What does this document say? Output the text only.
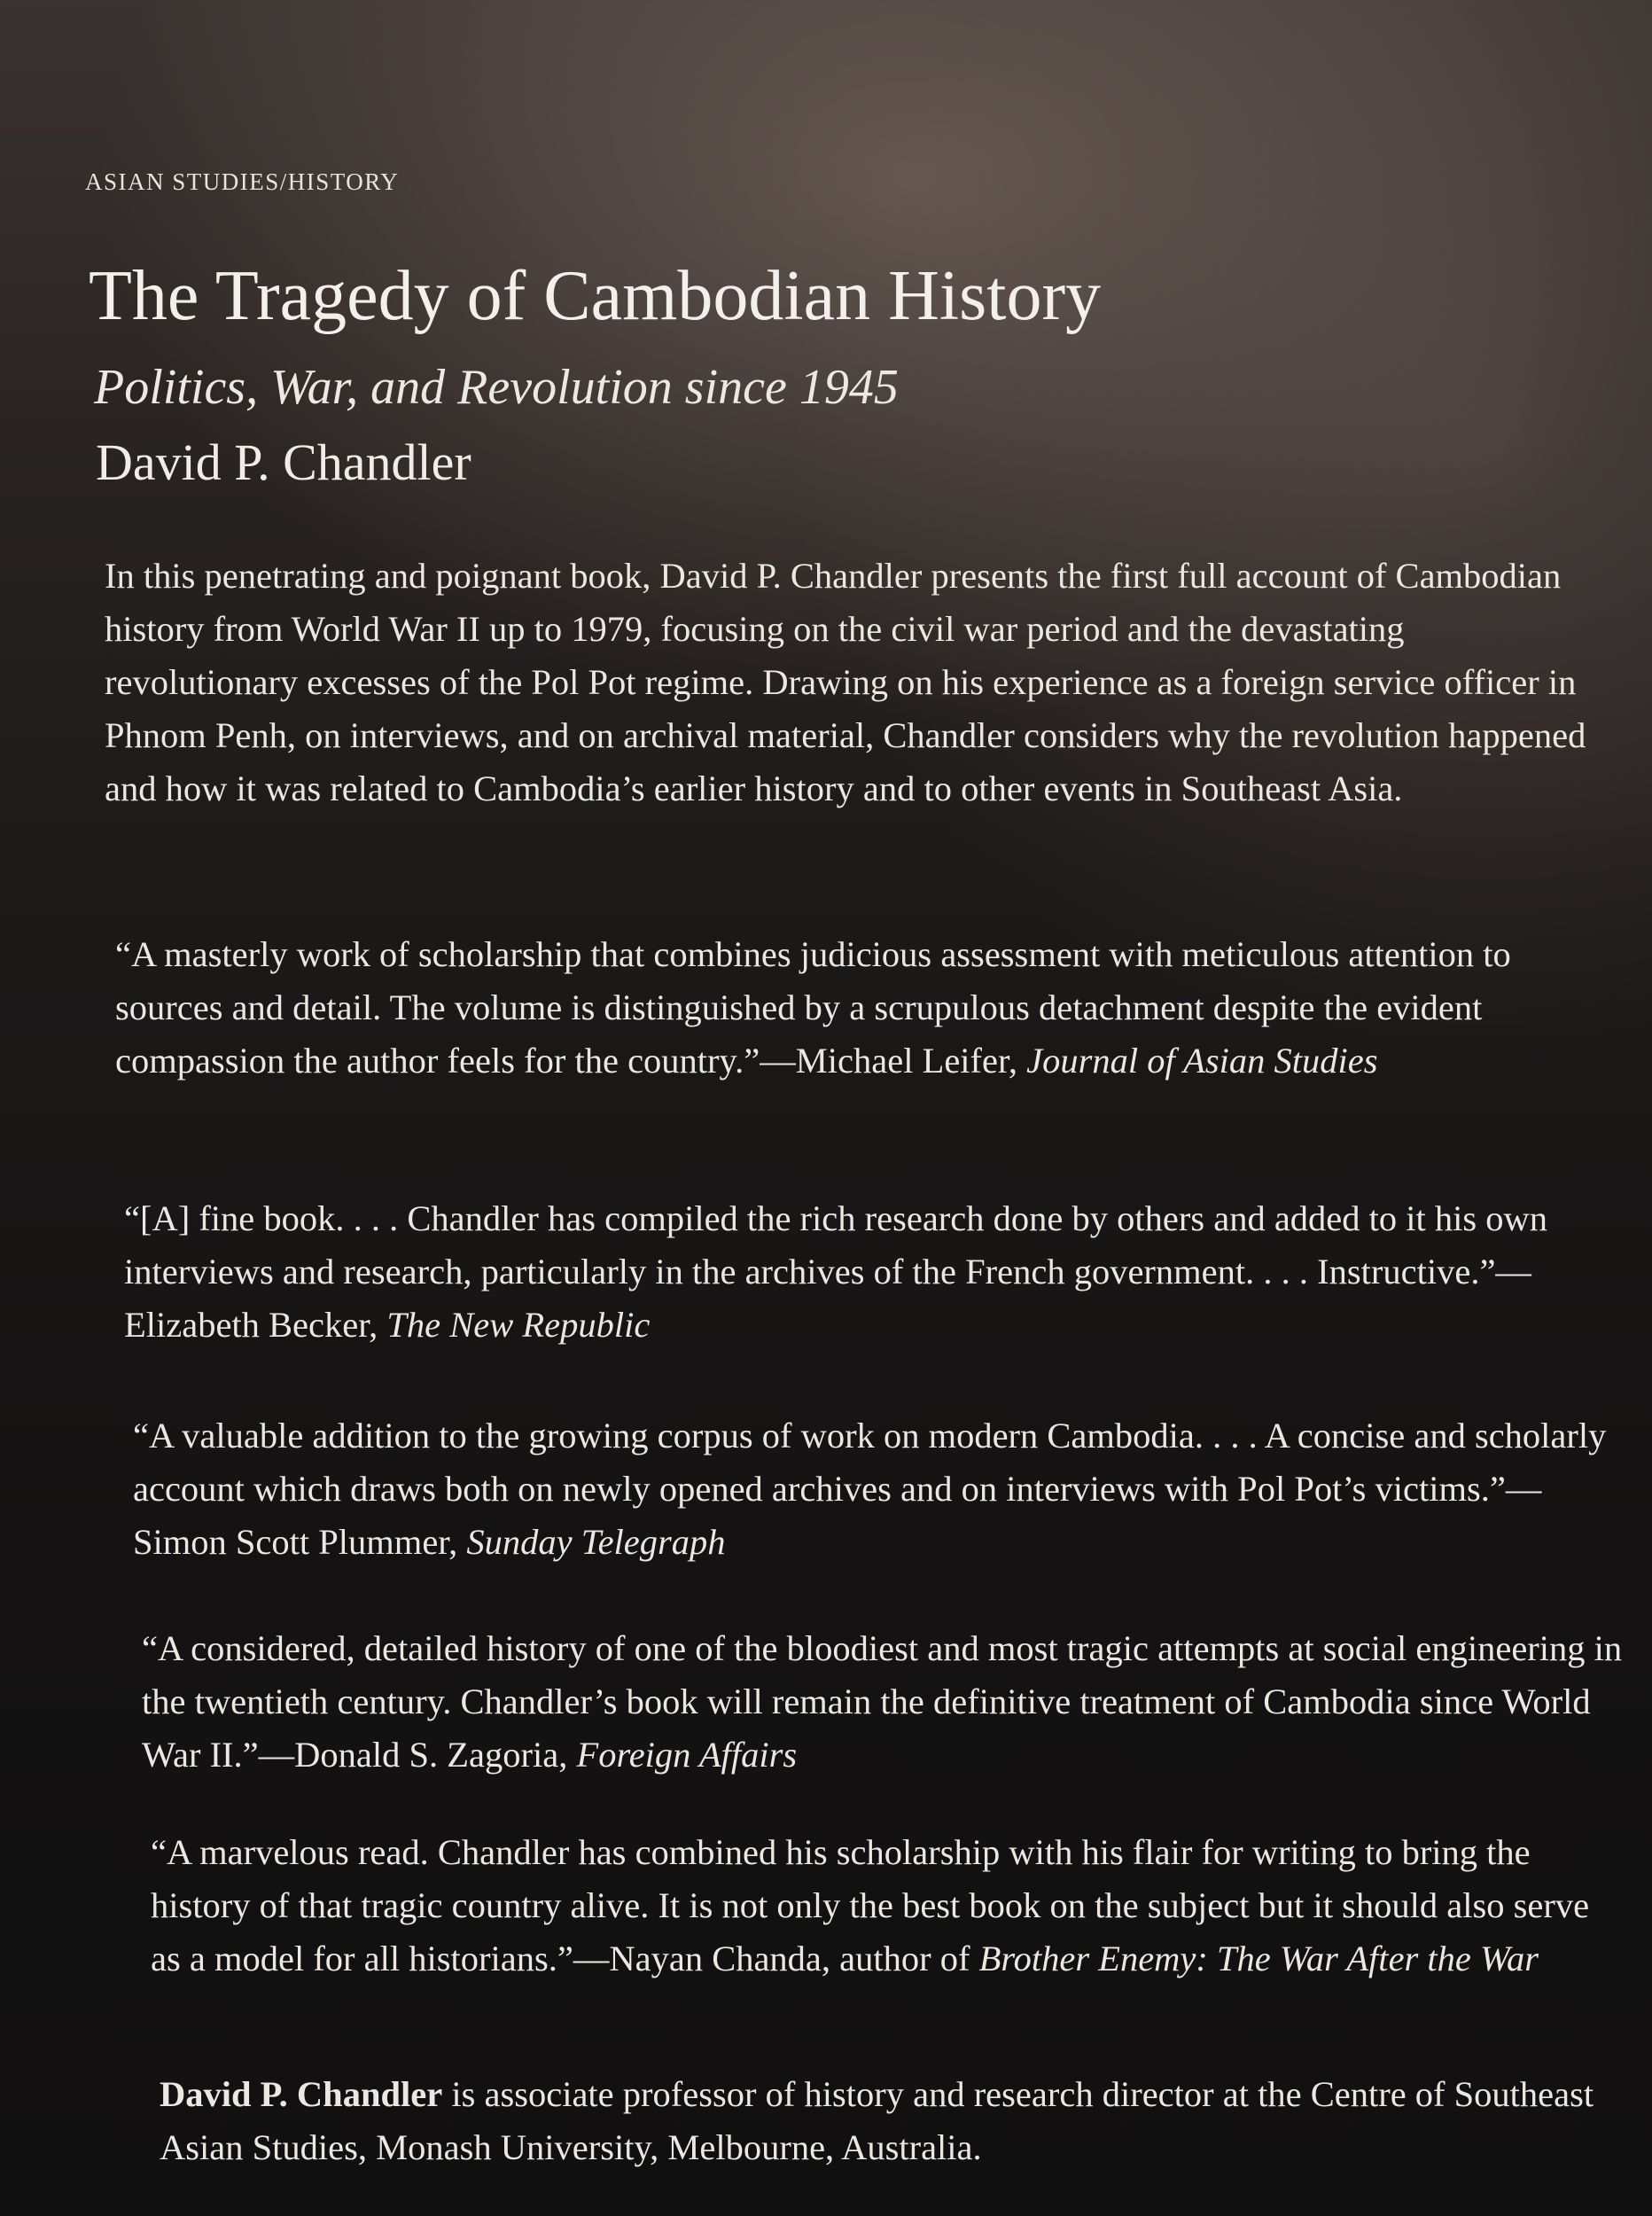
ASIAN STUDIES/HISTORY
The Tragedy of Cambodian History
Politics, War, and Revolution since 1945
David P. Chandler
In this penetrating and poignant book, David P. Chandler presents the first full account of Cambodian history from World War II up to 1979, focusing on the civil war period and the devastating revolutionary excesses of the Pol Pot regime. Drawing on his experience as a foreign service officer in Phnom Penh, on interviews, and on archival material, Chandler considers why the revolution happened and how it was related to Cambodia’s earlier history and to other events in Southeast Asia.
“A masterly work of scholarship that combines judicious assessment with meticulous attention to sources and detail. The volume is distinguished by a scrupulous detachment despite the evident compassion the author feels for the country.”—Michael Leifer, Journal of Asian Studies
“[A] fine book. . . . Chandler has compiled the rich research done by others and added to it his own interviews and research, particularly in the archives of the French government. . . . Instructive.”—Elizabeth Becker, The New Republic
“A valuable addition to the growing corpus of work on modern Cambodia. . . . A concise and scholarly account which draws both on newly opened archives and on interviews with Pol Pot’s victims.”—Simon Scott Plummer, Sunday Telegraph
“A considered, detailed history of one of the bloodiest and most tragic attempts at social engineering in the twentieth century. Chandler’s book will remain the definitive treatment of Cambodia since World War II.”—Donald S. Zagoria, Foreign Affairs
“A marvelous read. Chandler has combined his scholarship with his flair for writing to bring the history of that tragic country alive. It is not only the best book on the subject but it should also serve as a model for all historians.”—Nayan Chanda, author of Brother Enemy: The War After the War
David P. Chandler is associate professor of history and research director at the Centre of Southeast Asian Studies, Monash University, Melbourne, Australia.
